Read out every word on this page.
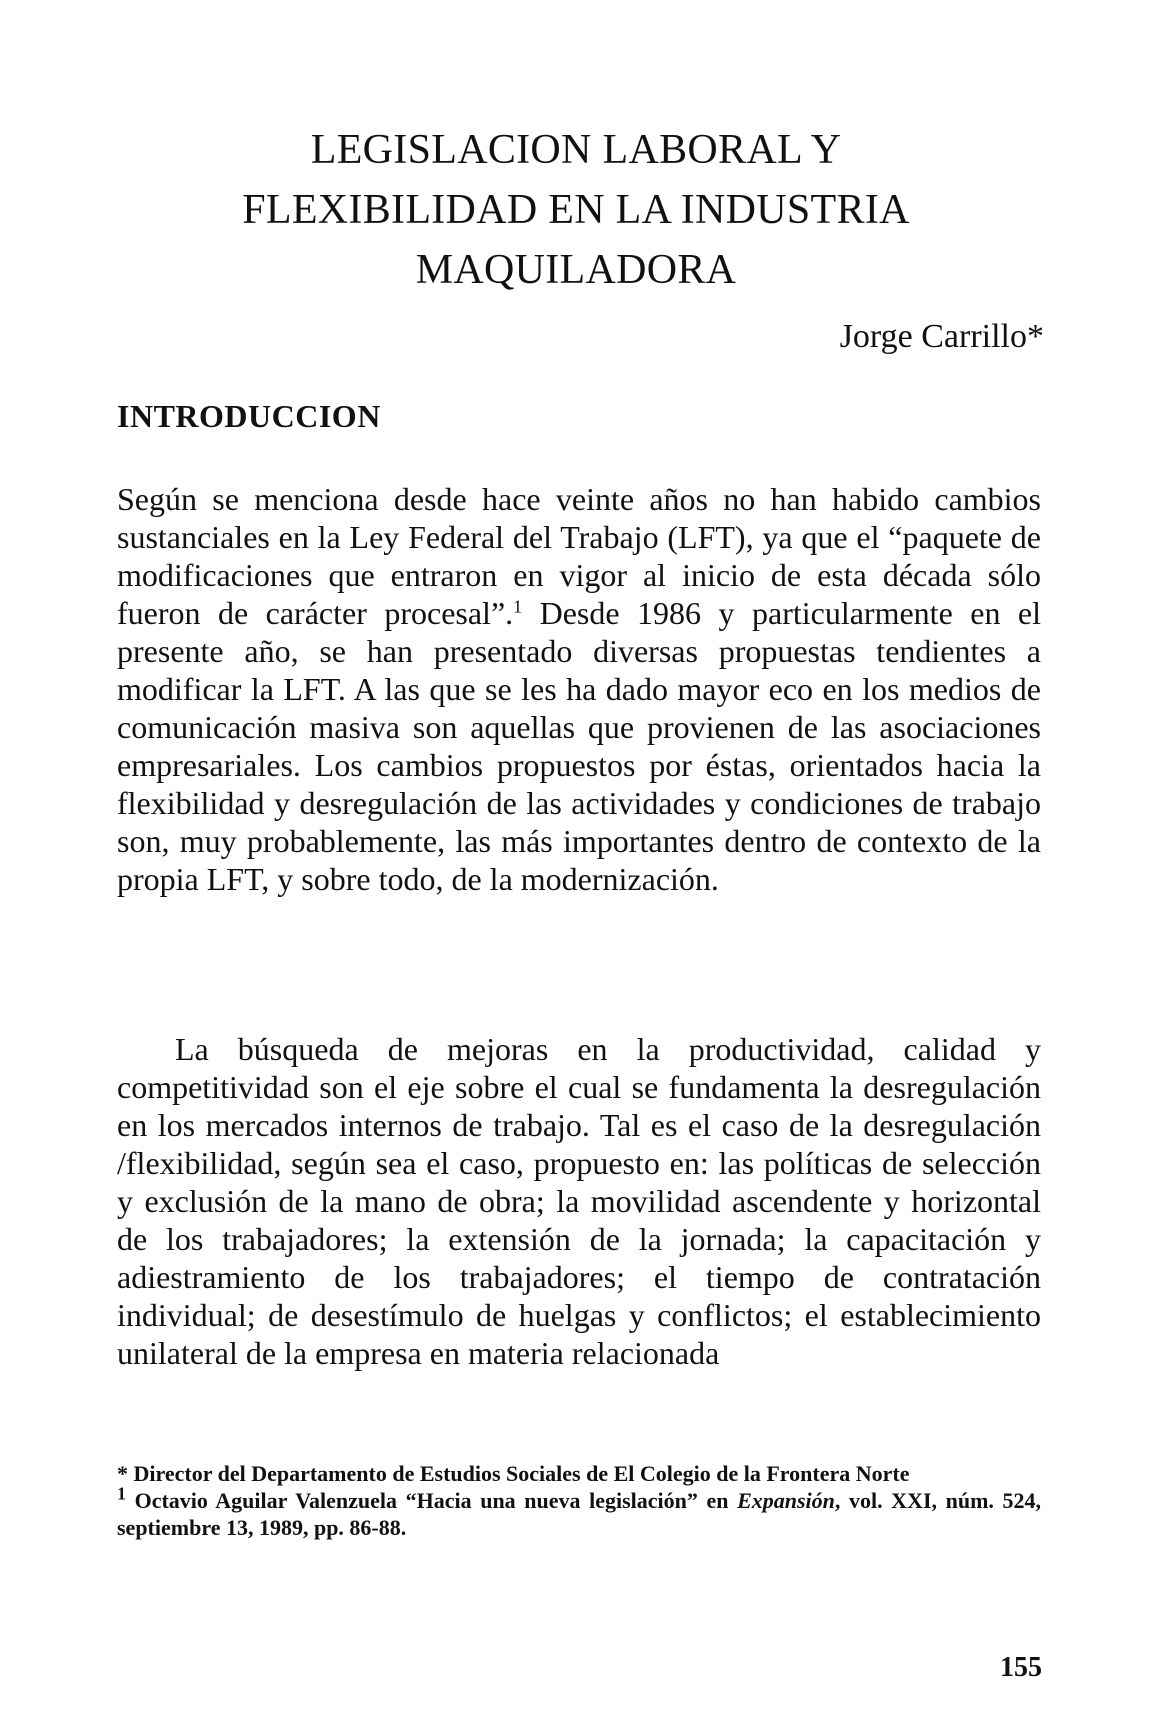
LEGISLACION LABORAL Y
FLEXIBILIDAD EN LA INDUSTRIA
MAQUILADORA
Jorge Carrillo*
INTRODUCCION

Según se menciona desde hace veinte años no han habido cambios sustanciales en la Ley Federal del Trabajo (LFT), ya que el “paquete de modificaciones que entraron en vigor al inicio de esta década sólo fueron de carácter procesal”.$^1$ Desde 1986 y particularmente en el presente año, se han presentado diversas propuestas tendientes a modificar la LFT. A las que se les ha dado mayor eco en los medios de comunicación masiva son aquellas que provienen de las asociaciones empresariales. Los cambios propuestos por éstas, orientados hacia la flexibilidad y desregulación de las actividades y condiciones de trabajo son, muy probablemente, las más importantes dentro de contexto de la propia LFT, y sobre todo, de la modernización.

La búsqueda de mejoras en la productividad, calidad y competitividad son el eje sobre el cual se fundamenta la desregulación en los mercados internos de trabajo. Tal es el caso de la desregulación /flexibilidad, según sea el caso, propuesto en: las políticas de selección y exclusión de la mano de obra; la movilidad ascendente y horizontal de los trabajadores; la extensión de la jornada; la capacitación y adiestramiento de los trabajadores; el tiempo de contratación individual; de desestímulo de huelgas y conflictos; el establecimiento unilateral de la empresa en materia relacionada

* Director del Departamento de Estudios Sociales de El Colegio de la Frontera Norte

$^1$ Octavio Aguilar Valenzuela “Hacia una nueva legislación” en Expansión, vol. XXI, núm. 524, septiembre 13, 1989, pp. 86-88.

155
